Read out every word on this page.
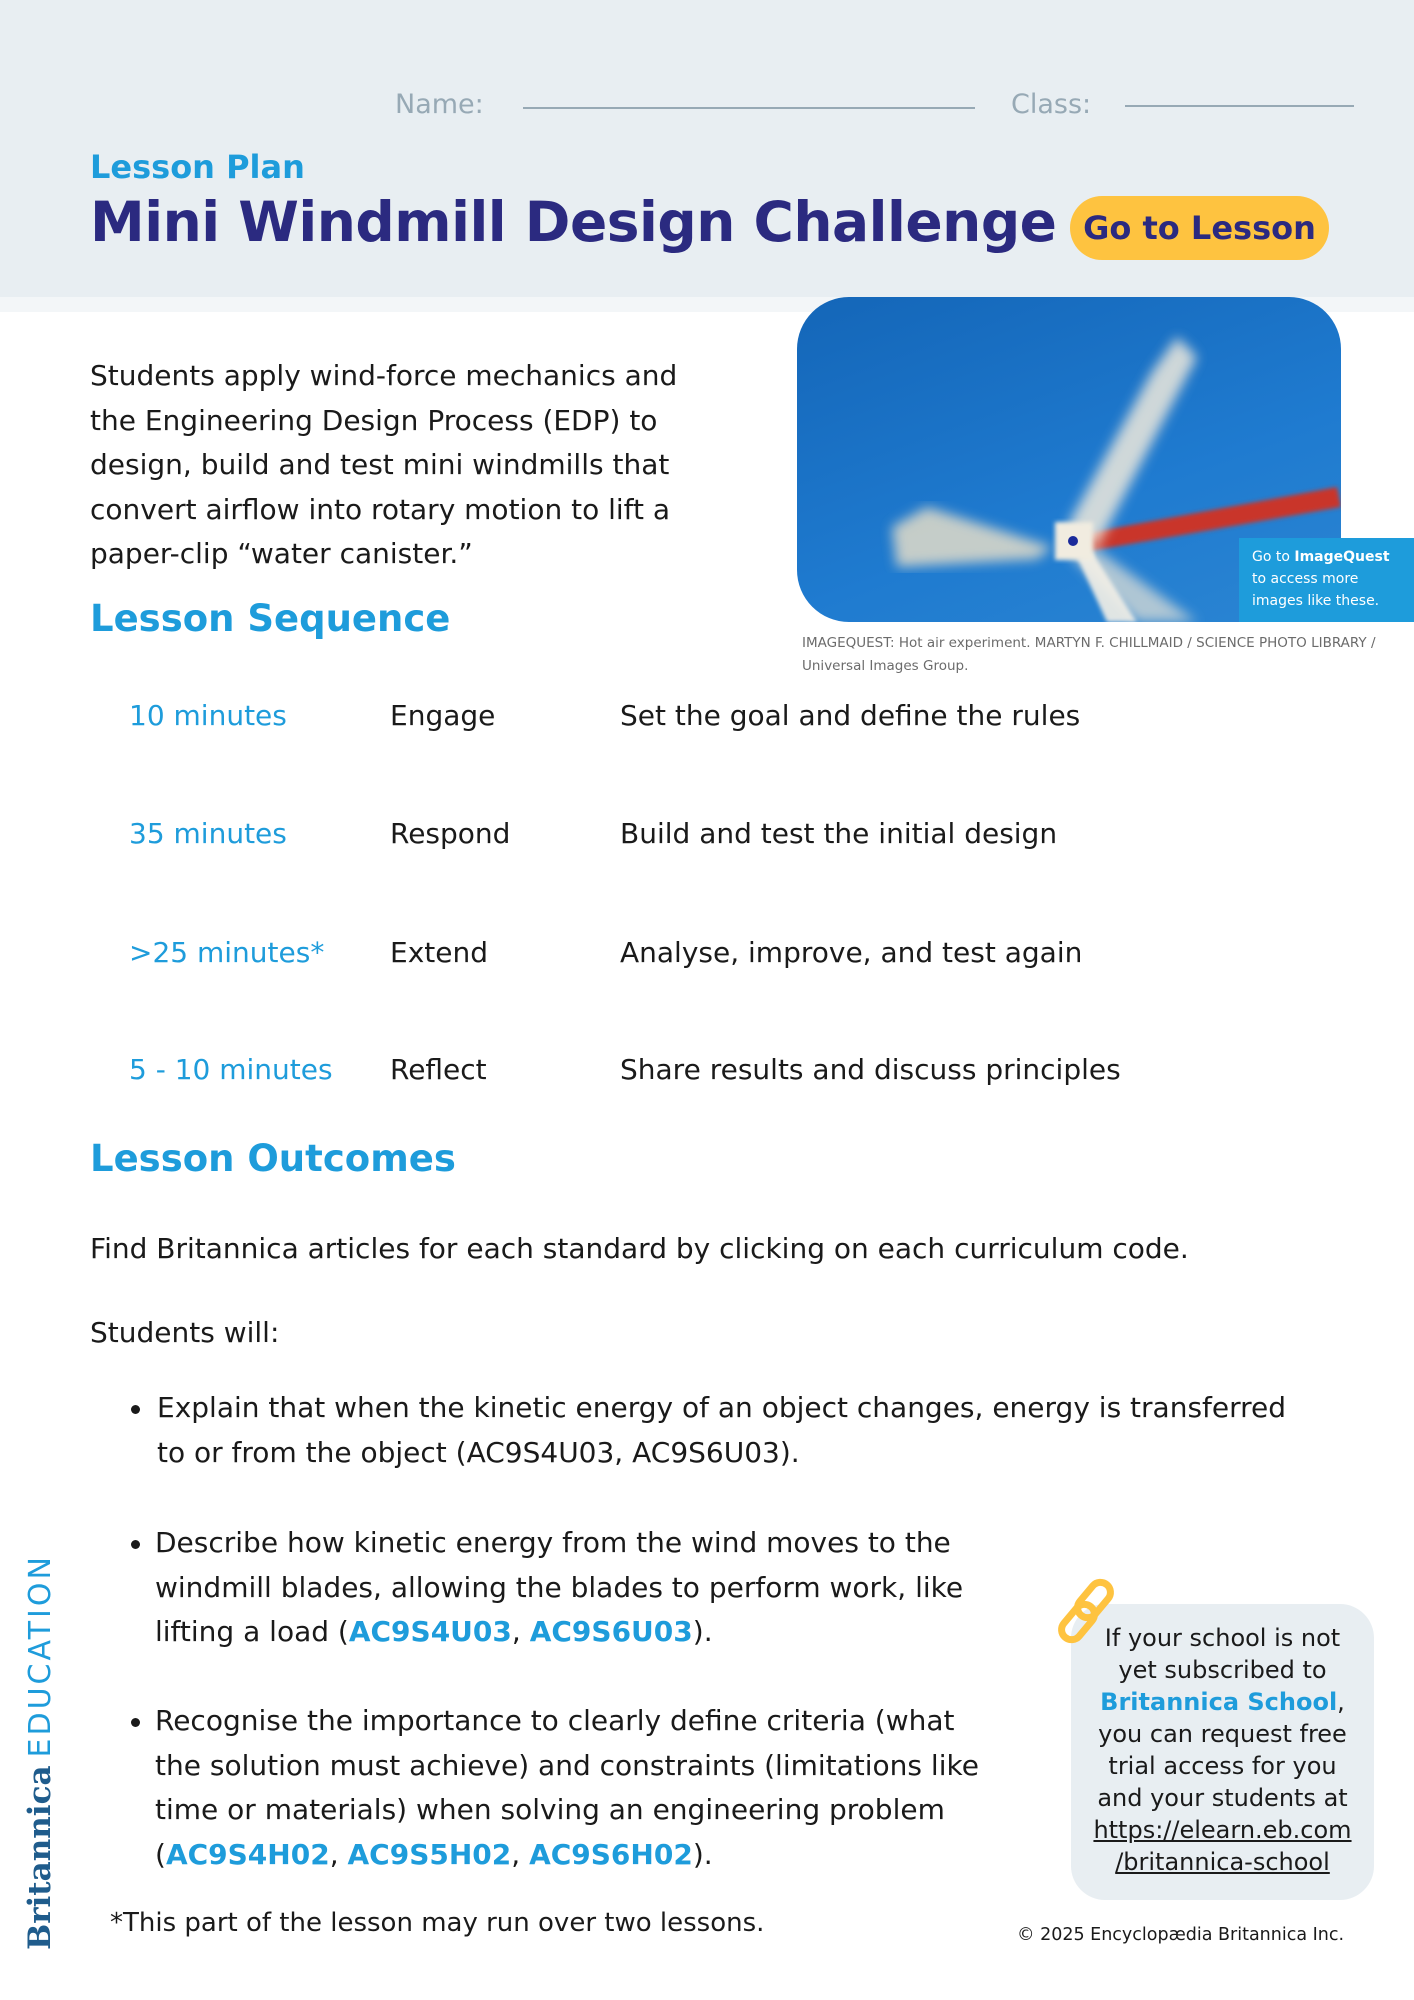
Name:	Class:
Lesson Plan
Mini Windmill Design Challenge Go to Lesson
Go to ImageQuest
to access more
images like these.
IMAGEQUEST: Hot air experiment. MARTYN F. CHILLMAID / SCIENCE PHOTO LIBRARY / Universal Images Group.

Students apply wind-force mechanics and the Engineering Design Process (EDP) to design, build and test mini windmills that convert airflow into rotary motion to lift a paper-clip “water canister.”

Lesson Sequence
10 minutes	Engage	Set the goal and define the rules
35 minutes	Respond	Build and test the initial design
>25 minutes* Extend	Analyse, improve, and test again
5 - 10 minutes Reflect	Share results and discuss principles
Lesson Outcomes

Find Britannica articles for each standard by clicking on each curriculum code.

Students will:

Explain that when the kinetic energy of an object changes, energy is transferred
to or from the object (AC9S4U03, AC9S6U03).
Describe how kinetic energy from the wind moves to the
windmill blades, allowing the blades to perform work, like
lifting a load (AC9S4U03, AC9S6U03).
Recognise the importance to clearly define criteria (what
the solution must achieve) and constraints (limitations like
time or materials) when solving an engineering problem
(AC9S4H02, AC9S5H02, AC9S6H02).

*This part of the lesson may run over two lessons.

Britannica
EDUCATION	If your school is not
yet subscribed to
Britannica School,
you can request free
trial access for you
and your students at
https://elearn.eb.com
/britannica-school
© 2025 Encyclopædia Britannica Inc.
